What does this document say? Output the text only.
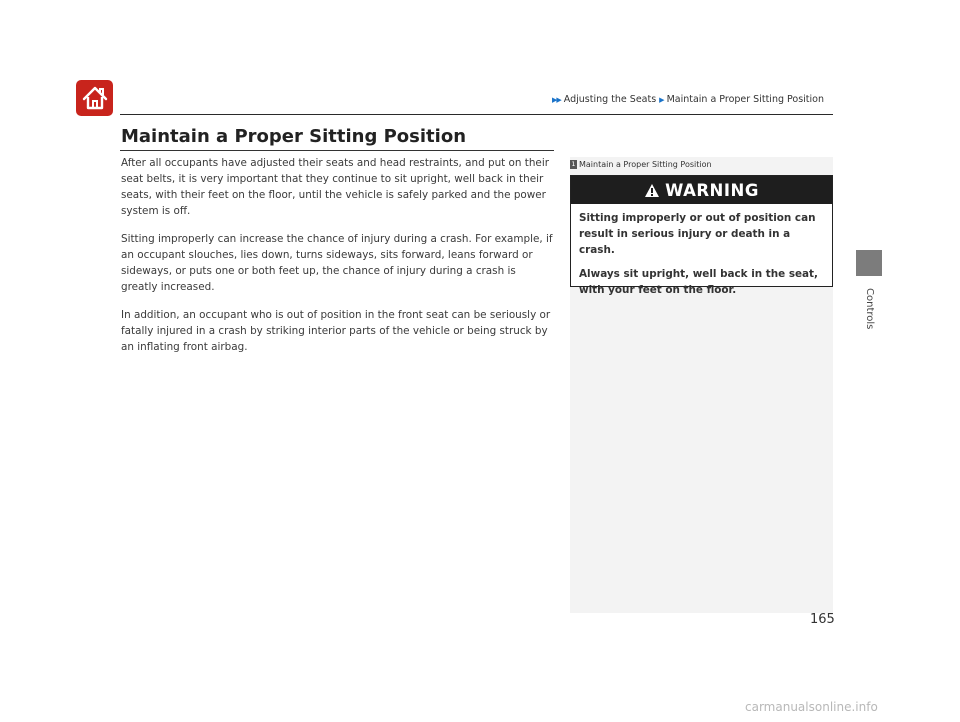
▶▶ Adjusting the Seats ▶ Maintain a Proper Sitting Position
Maintain a Proper Sitting Position

After all occupants have adjusted their seats and head restraints, and put on their seat belts, it is very important that they continue to sit upright, well back in their seats, with their feet on the floor, until the vehicle is safely parked and the power system is off.

Sitting improperly can increase the chance of injury during a crash. For example, if an occupant slouches, lies down, turns sideways, sits forward, leans forward or sideways, or puts one or both feet up, the chance of injury during a crash is greatly increased.

In addition, an occupant who is out of position in the front seat can be seriously or fatally injured in a crash by striking interior parts of the vehicle or being struck by an inflating front airbag.

1 Maintain a Proper Sitting Position
WARNING

Sitting improperly or out of position can result in serious injury or death in a crash.

Always sit upright, well back in the seat, with your feet on the floor.	Controls
165
carmanualsonline.info
